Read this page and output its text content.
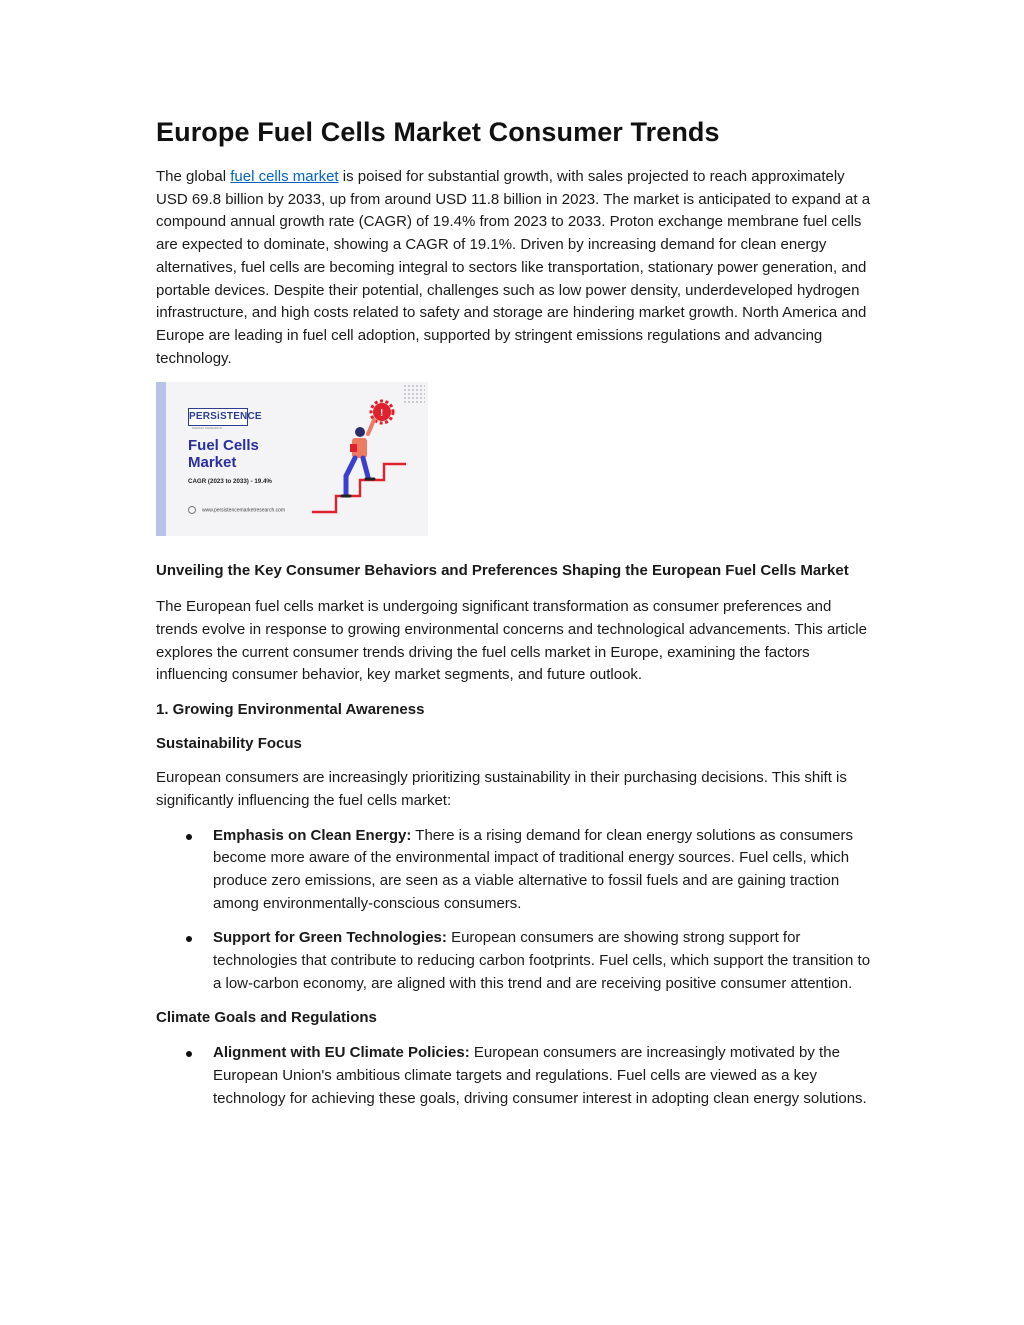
Europe Fuel Cells Market Consumer Trends

The global fuel cells market is poised for substantial growth, with sales projected to reach approximately USD 69.8 billion by 2033, up from around USD 11.8 billion in 2023. The market is anticipated to expand at a compound annual growth rate (CAGR) of 19.4% from 2023 to 2033. Proton exchange membrane fuel cells are expected to dominate, showing a CAGR of 19.1%. Driven by increasing demand for clean energy alternatives, fuel cells are becoming integral to sectors like transportation, stationary power generation, and portable devices. Despite their potential, challenges such as low power density, underdeveloped hydrogen infrastructure, and high costs related to safety and storage are hindering market growth. North America and Europe are leading in fuel cell adoption, supported by stringent emissions regulations and advancing technology.

PERSiSTENCE
MARKET RESEARCH
Fuel Cells Market
CAGR (2023 to 2033) - 19.4%
www.persistencemarketresearch.com
!
Unveiling the Key Consumer Behaviors and Preferences Shaping the European Fuel Cells Market

The European fuel cells market is undergoing significant transformation as consumer preferences and trends evolve in response to growing environmental concerns and technological advancements. This article explores the current consumer trends driving the fuel cells market in Europe, examining the factors influencing consumer behavior, key market segments, and future outlook.

1. Growing Environmental Awareness
Sustainability Focus

European consumers are increasingly prioritizing sustainability in their purchasing decisions. This shift is significantly influencing the fuel cells market:

Emphasis on Clean Energy: There is a rising demand for clean energy solutions as consumers become more aware of the environmental impact of traditional energy sources. Fuel cells, which produce zero emissions, are seen as a viable alternative to fossil fuels and are gaining traction among environmentally-conscious consumers.
Support for Green Technologies: European consumers are showing strong support for technologies that contribute to reducing carbon footprints. Fuel cells, which support the transition to a low-carbon economy, are aligned with this trend and are receiving positive consumer attention.
Climate Goals and Regulations
Alignment with EU Climate Policies: European consumers are increasingly motivated by the European Union's ambitious climate targets and regulations. Fuel cells are viewed as a key technology for achieving these goals, driving consumer interest in adopting clean energy solutions.
